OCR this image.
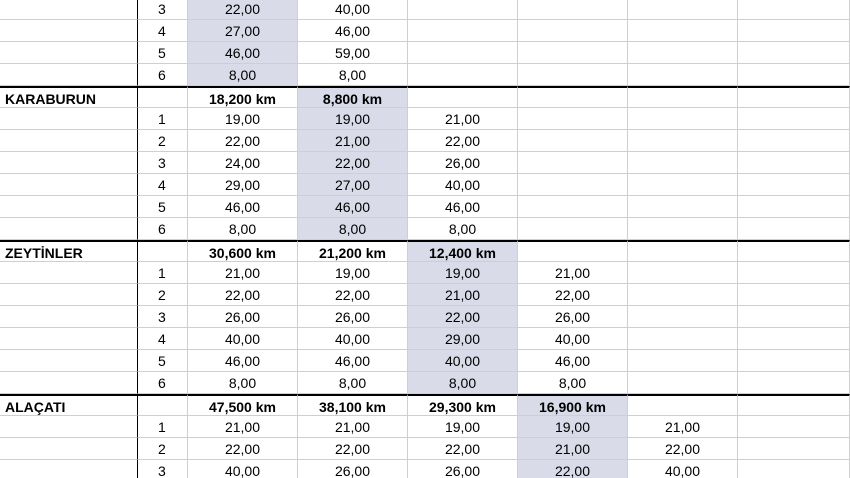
3	22,00	40,00
4	27,00	46,00
5	46,00	59,00
6	8,00	8,00
KARABURUN	18,200 km	8,800 km
1	19,00	19,00	21,00
2	22,00	21,00	22,00
3	24,00	22,00	26,00
4	29,00	27,00	40,00
5	46,00	46,00	46,00
6	8,00	8,00	8,00
ZEYTİNLER	30,600 km	21,200 km	12,400 km
1	21,00	19,00	19,00	21,00
2	22,00	22,00	21,00	22,00
3	26,00	26,00	22,00	26,00
4	40,00	40,00	29,00	40,00
5	46,00	46,00	40,00	46,00
6	8,00	8,00	8,00	8,00
ALAÇATI	47,500 km	38,100 km	29,300 km	16,900 km
1	21,00	21,00	19,00	19,00	21,00
2	22,00	22,00	22,00	21,00	22,00
3	40,00	26,00	26,00	22,00	40,00
